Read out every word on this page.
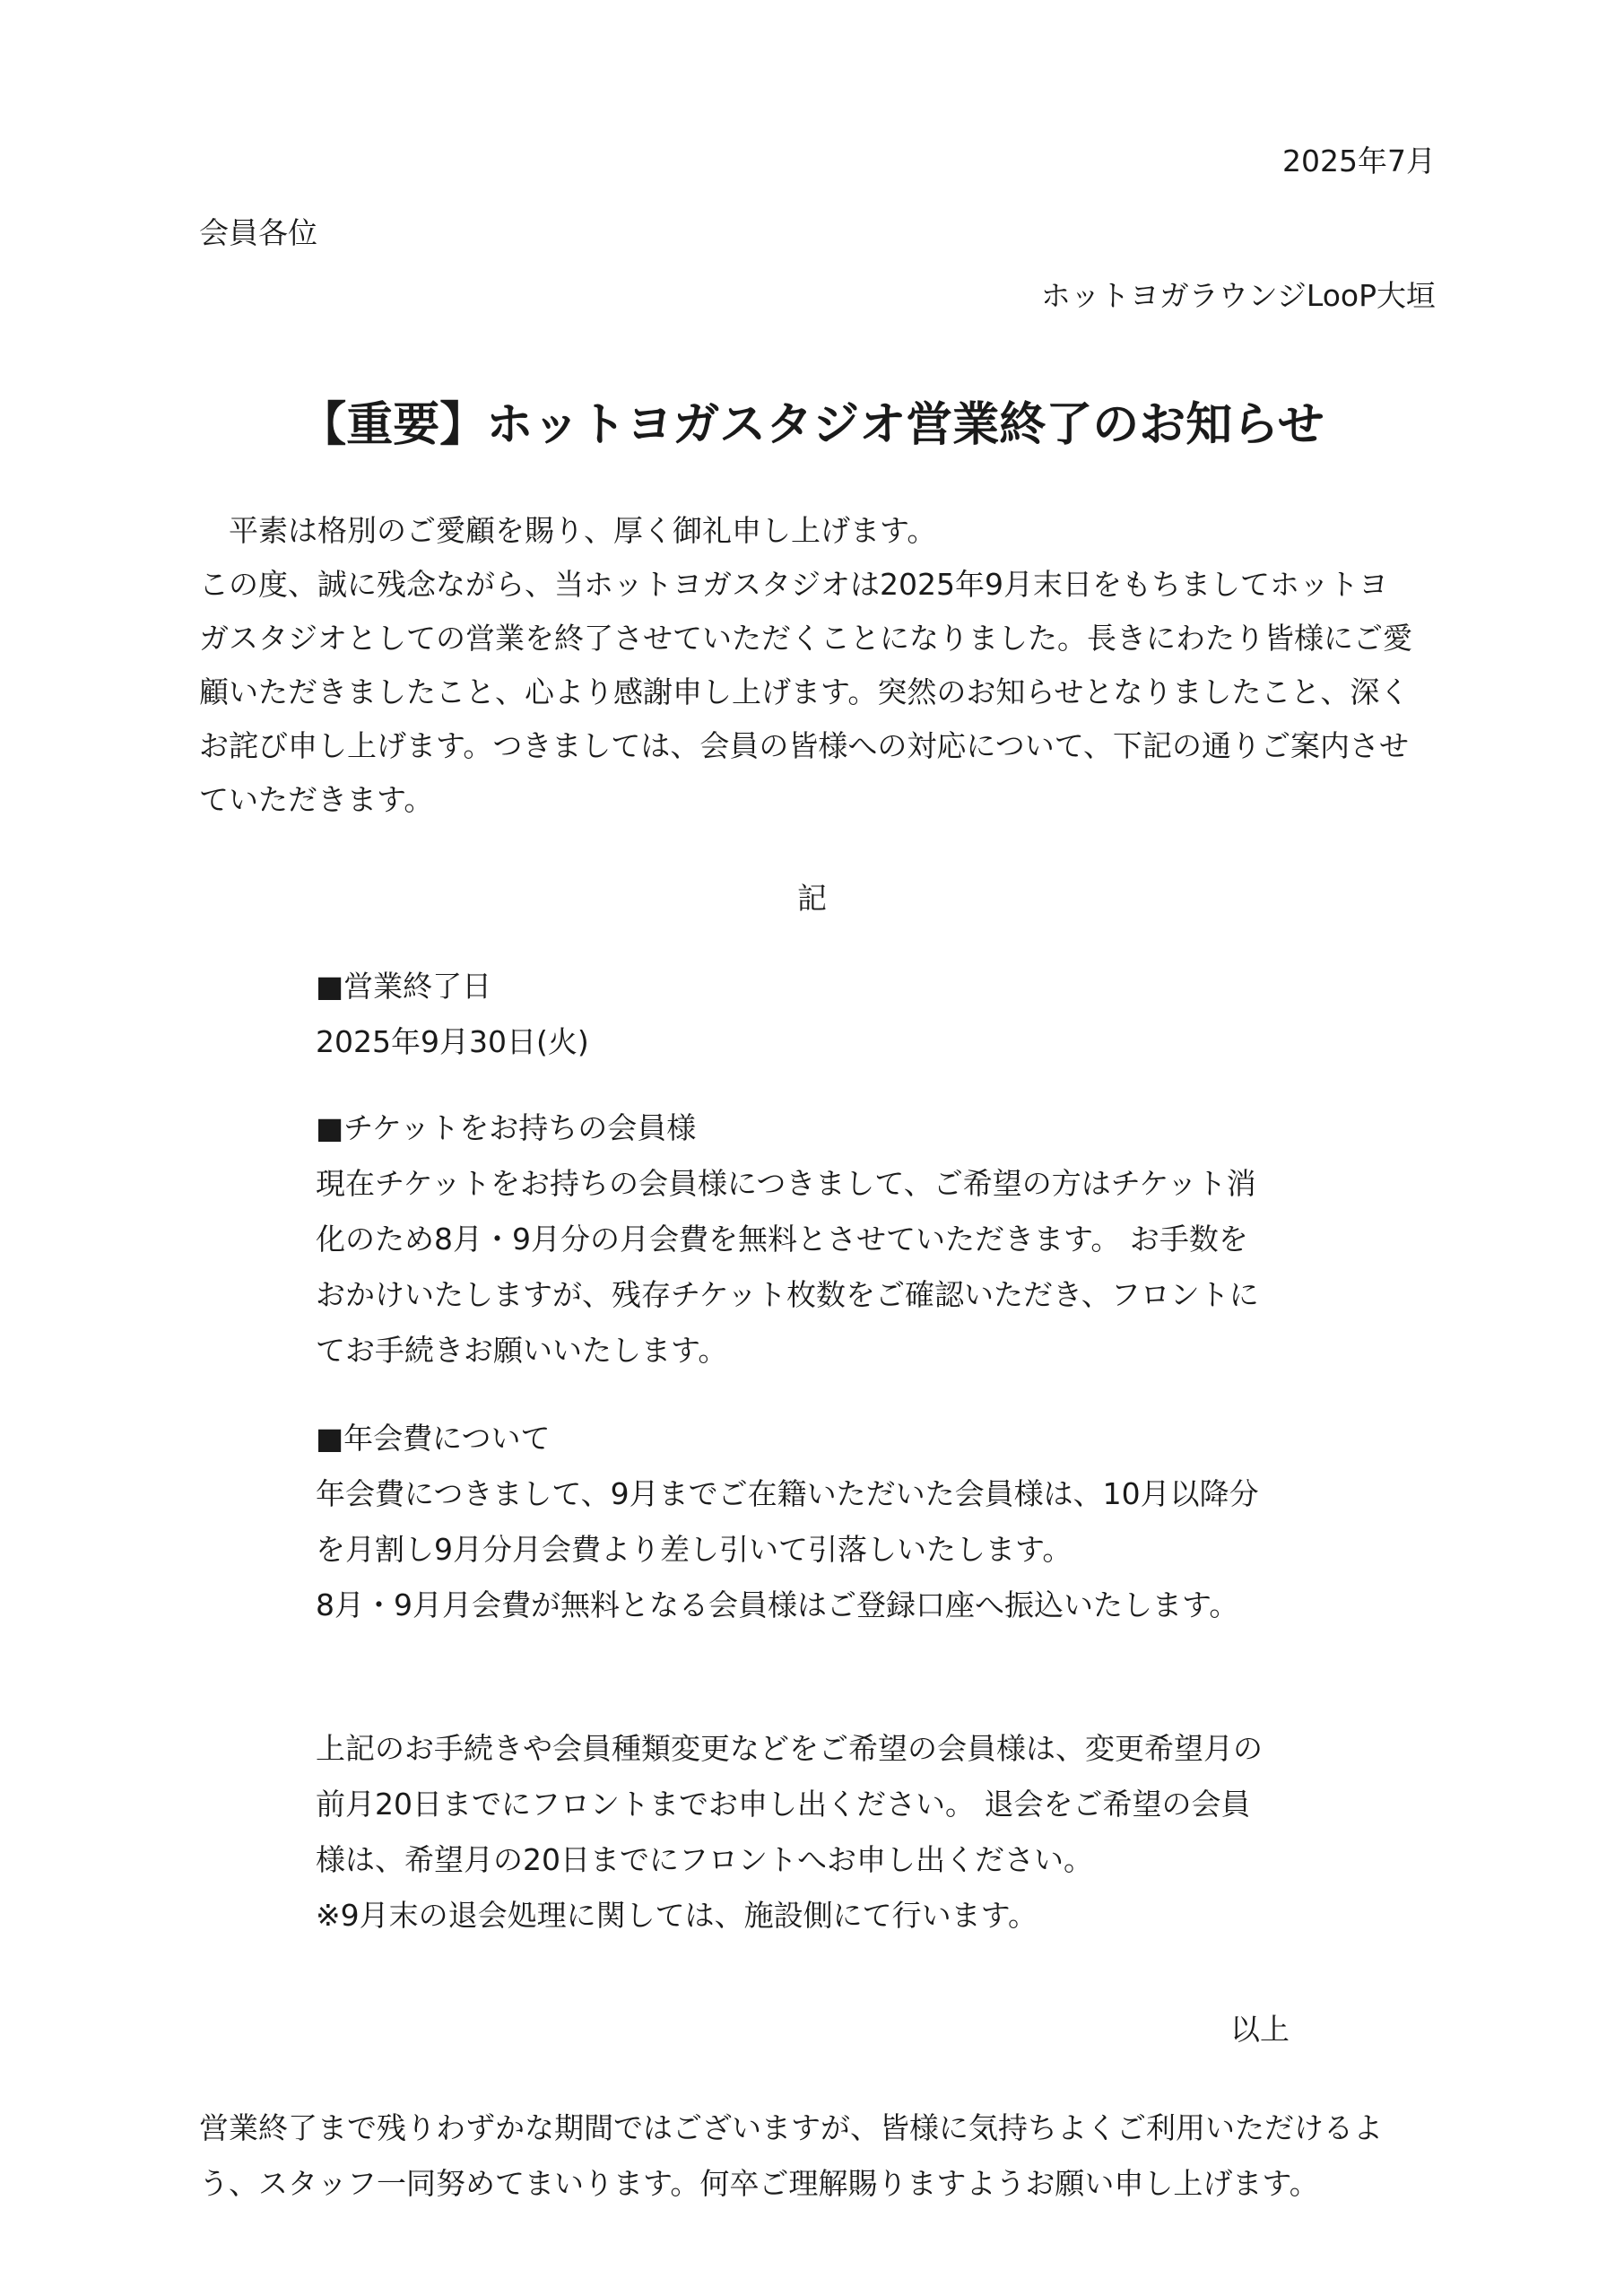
2025年7月

会員各位

ホットヨガラウンジLooP大垣

【重要】ホットヨガスタジオ営業終了のお知らせ
　平素は格別のご愛顧を賜り、厚く御礼申し上げます。
この度、誠に残念ながら、当ホットヨガスタジオは2025年9月末日をもちましてホットヨ
ガスタジオとしての営業を終了させていただくことになりました。長きにわたり皆様にご愛
顧いただきましたこと、心より感謝申し上げます。突然のお知らせとなりましたこと、深く
お詫び申し上げます。つきましては、会員の皆様への対応について、下記の通りご案内させ
ていただきます。

記

■営業終了日
2025年9月30日(火)
■チケットをお持ちの会員様
現在チケットをお持ちの会員様につきまして、ご希望の方はチケット消
化のため8月・9月分の月会費を無料とさせていただきます。 お手数を
おかけいたしますが、残存チケット枚数をご確認いただき、フロントに
てお手続きお願いいたします。
■年会費について
年会費につきまして、9月までご在籍いただいた会員様は、10月以降分
を月割し9月分月会費より差し引いて引落しいたします。
8月・9月月会費が無料となる会員様はご登録口座へ振込いたします。
上記のお手続きや会員種類変更などをご希望の会員様は、変更希望月の
前月20日までにフロントまでお申し出ください。 退会をご希望の会員
様は、希望月の20日までにフロントへお申し出ください。
※9月末の退会処理に関しては、施設側にて行います。

以上

営業終了まで残りわずかな期間ではございますが、皆様に気持ちよくご利用いただけるよ
う、スタッフ一同努めてまいります。何卒ご理解賜りますようお願い申し上げます。
